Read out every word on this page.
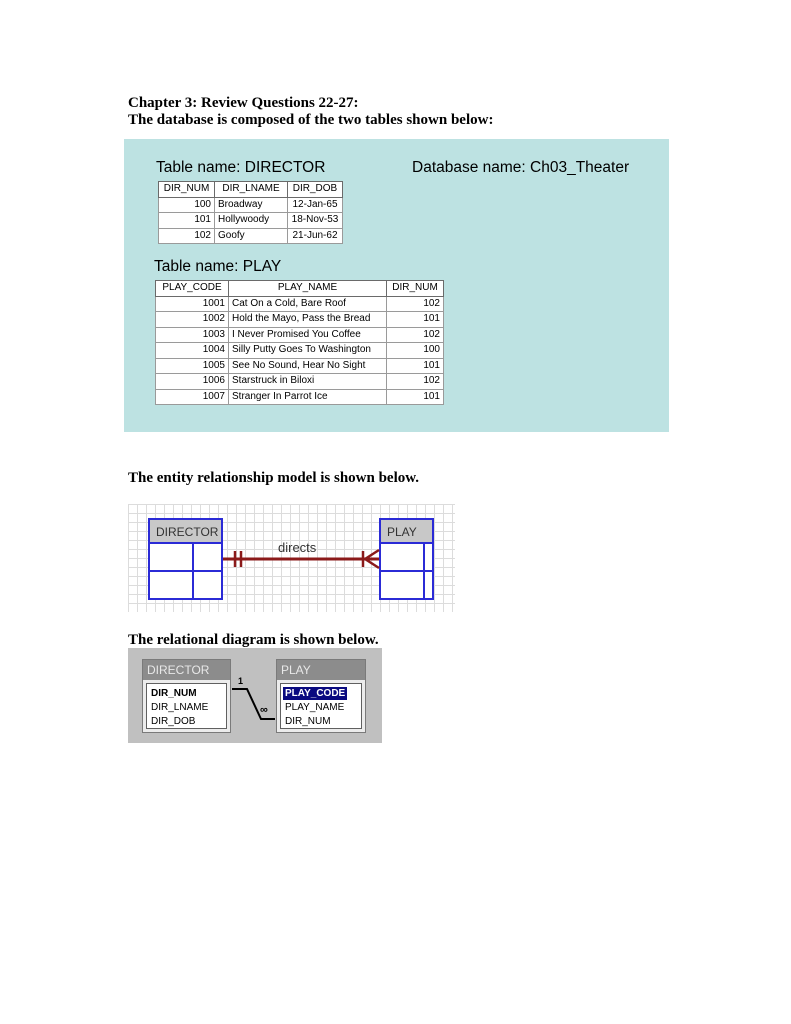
Chapter 3: Review Questions 22-27:
The database is composed of the two tables shown below:
Table name: DIRECTOR	Database name: Ch03_Theater
DIR_NUM	DIR_LNAME	DIR_DOB
100	Broadway	12-Jan-65
101	Hollywoody	18-Nov-53
102	Goofy	21-Jun-62
Table name: PLAY
PLAY_CODE	PLAY_NAME	DIR_NUM
1001	Cat On a Cold, Bare Roof	102
1002	Hold the Mayo, Pass the Bread	101
1003	I Never Promised You Coffee	102
1004	Silly Putty Goes To Washington	100
1005	See No Sound, Hear No Sight	101
1006	Starstruck in Biloxi	102
1007	Stranger In Parrot Ice	101
The entity relationship model is shown below.
DIRECTOR	PLAY
directs
The relational diagram is shown below.
DIRECTOR
DIR_NUM
DIR_LNAME
DIR_DOB
PLAY
PLAY_CODE
PLAY_NAME
DIR_NUM
1
∞
